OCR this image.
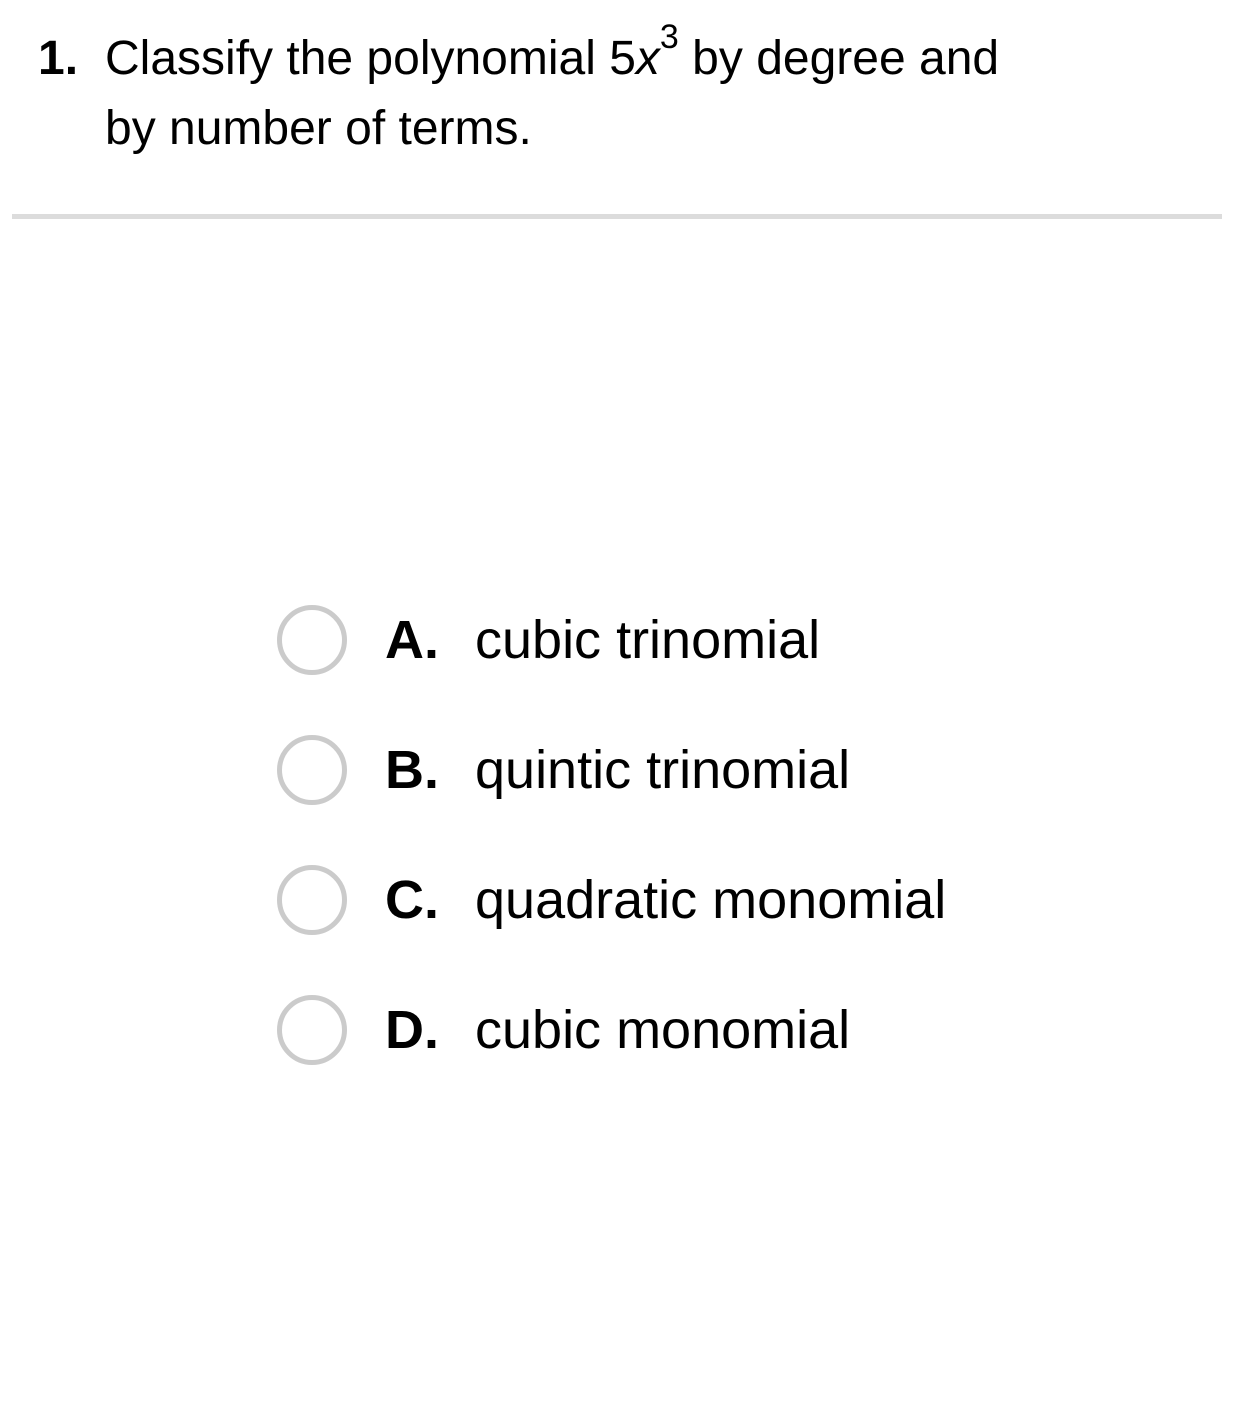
1. Classify the polynomial $5x^3$ by degree and
by number of terms.
A. cubic trinomial
B. quintic trinomial
C. quadratic monomial
D. cubic monomial
